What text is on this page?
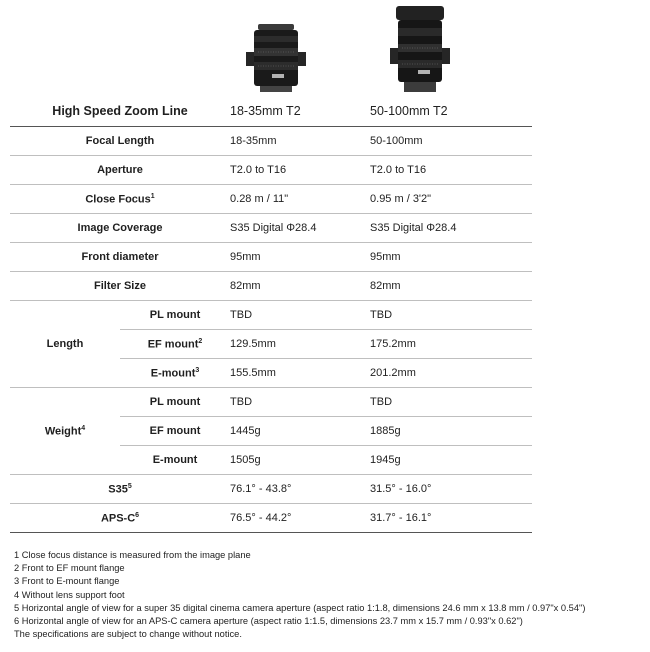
High Speed Zoom Line		18-35mm T2	50-100mm T2
Focal Length		18-35mm	50-100mm
Aperture		T2.0 to T16	T2.0 to T16
Close Focus$^1$		0.28 m / 11"	0.95 m / 3'2"
Image Coverage		S35 Digital Φ28.4	S35 Digital Φ28.4
Front diameter		95mm	95mm
Filter Size		82mm	82mm
Length	PL mount	TBD	TBD
	EF mount$^2$	129.5mm	175.2mm
	E-mount$^3$	155.5mm	201.2mm
Weight$^4$	PL mount	TBD	TBD
	EF mount	1445g	1885g
	E-mount	1505g	1945g
$S35^5$		76.1° - 43.8°	31.5° - 16.0°
APS-$C^6$		76.5° - 44.2°	31.7° - 16.1°
1 Close focus distance is measured from the image plane
2 Front to EF mount flange
3 Front to E-mount flange
4 Without lens support foot
5 Horizontal angle of view for a super 35 digital cinema camera aperture (aspect ratio 1:1.8, dimensions 24.6 mm x 13.8 mm / 0.97"x 0.54")
6 Horizontal angle of view for an APS-C camera aperture (aspect ratio 1:1.5, dimensions 23.7 mm x 15.7 mm / 0.93"x 0.62")
The specifications are subject to change without notice.
